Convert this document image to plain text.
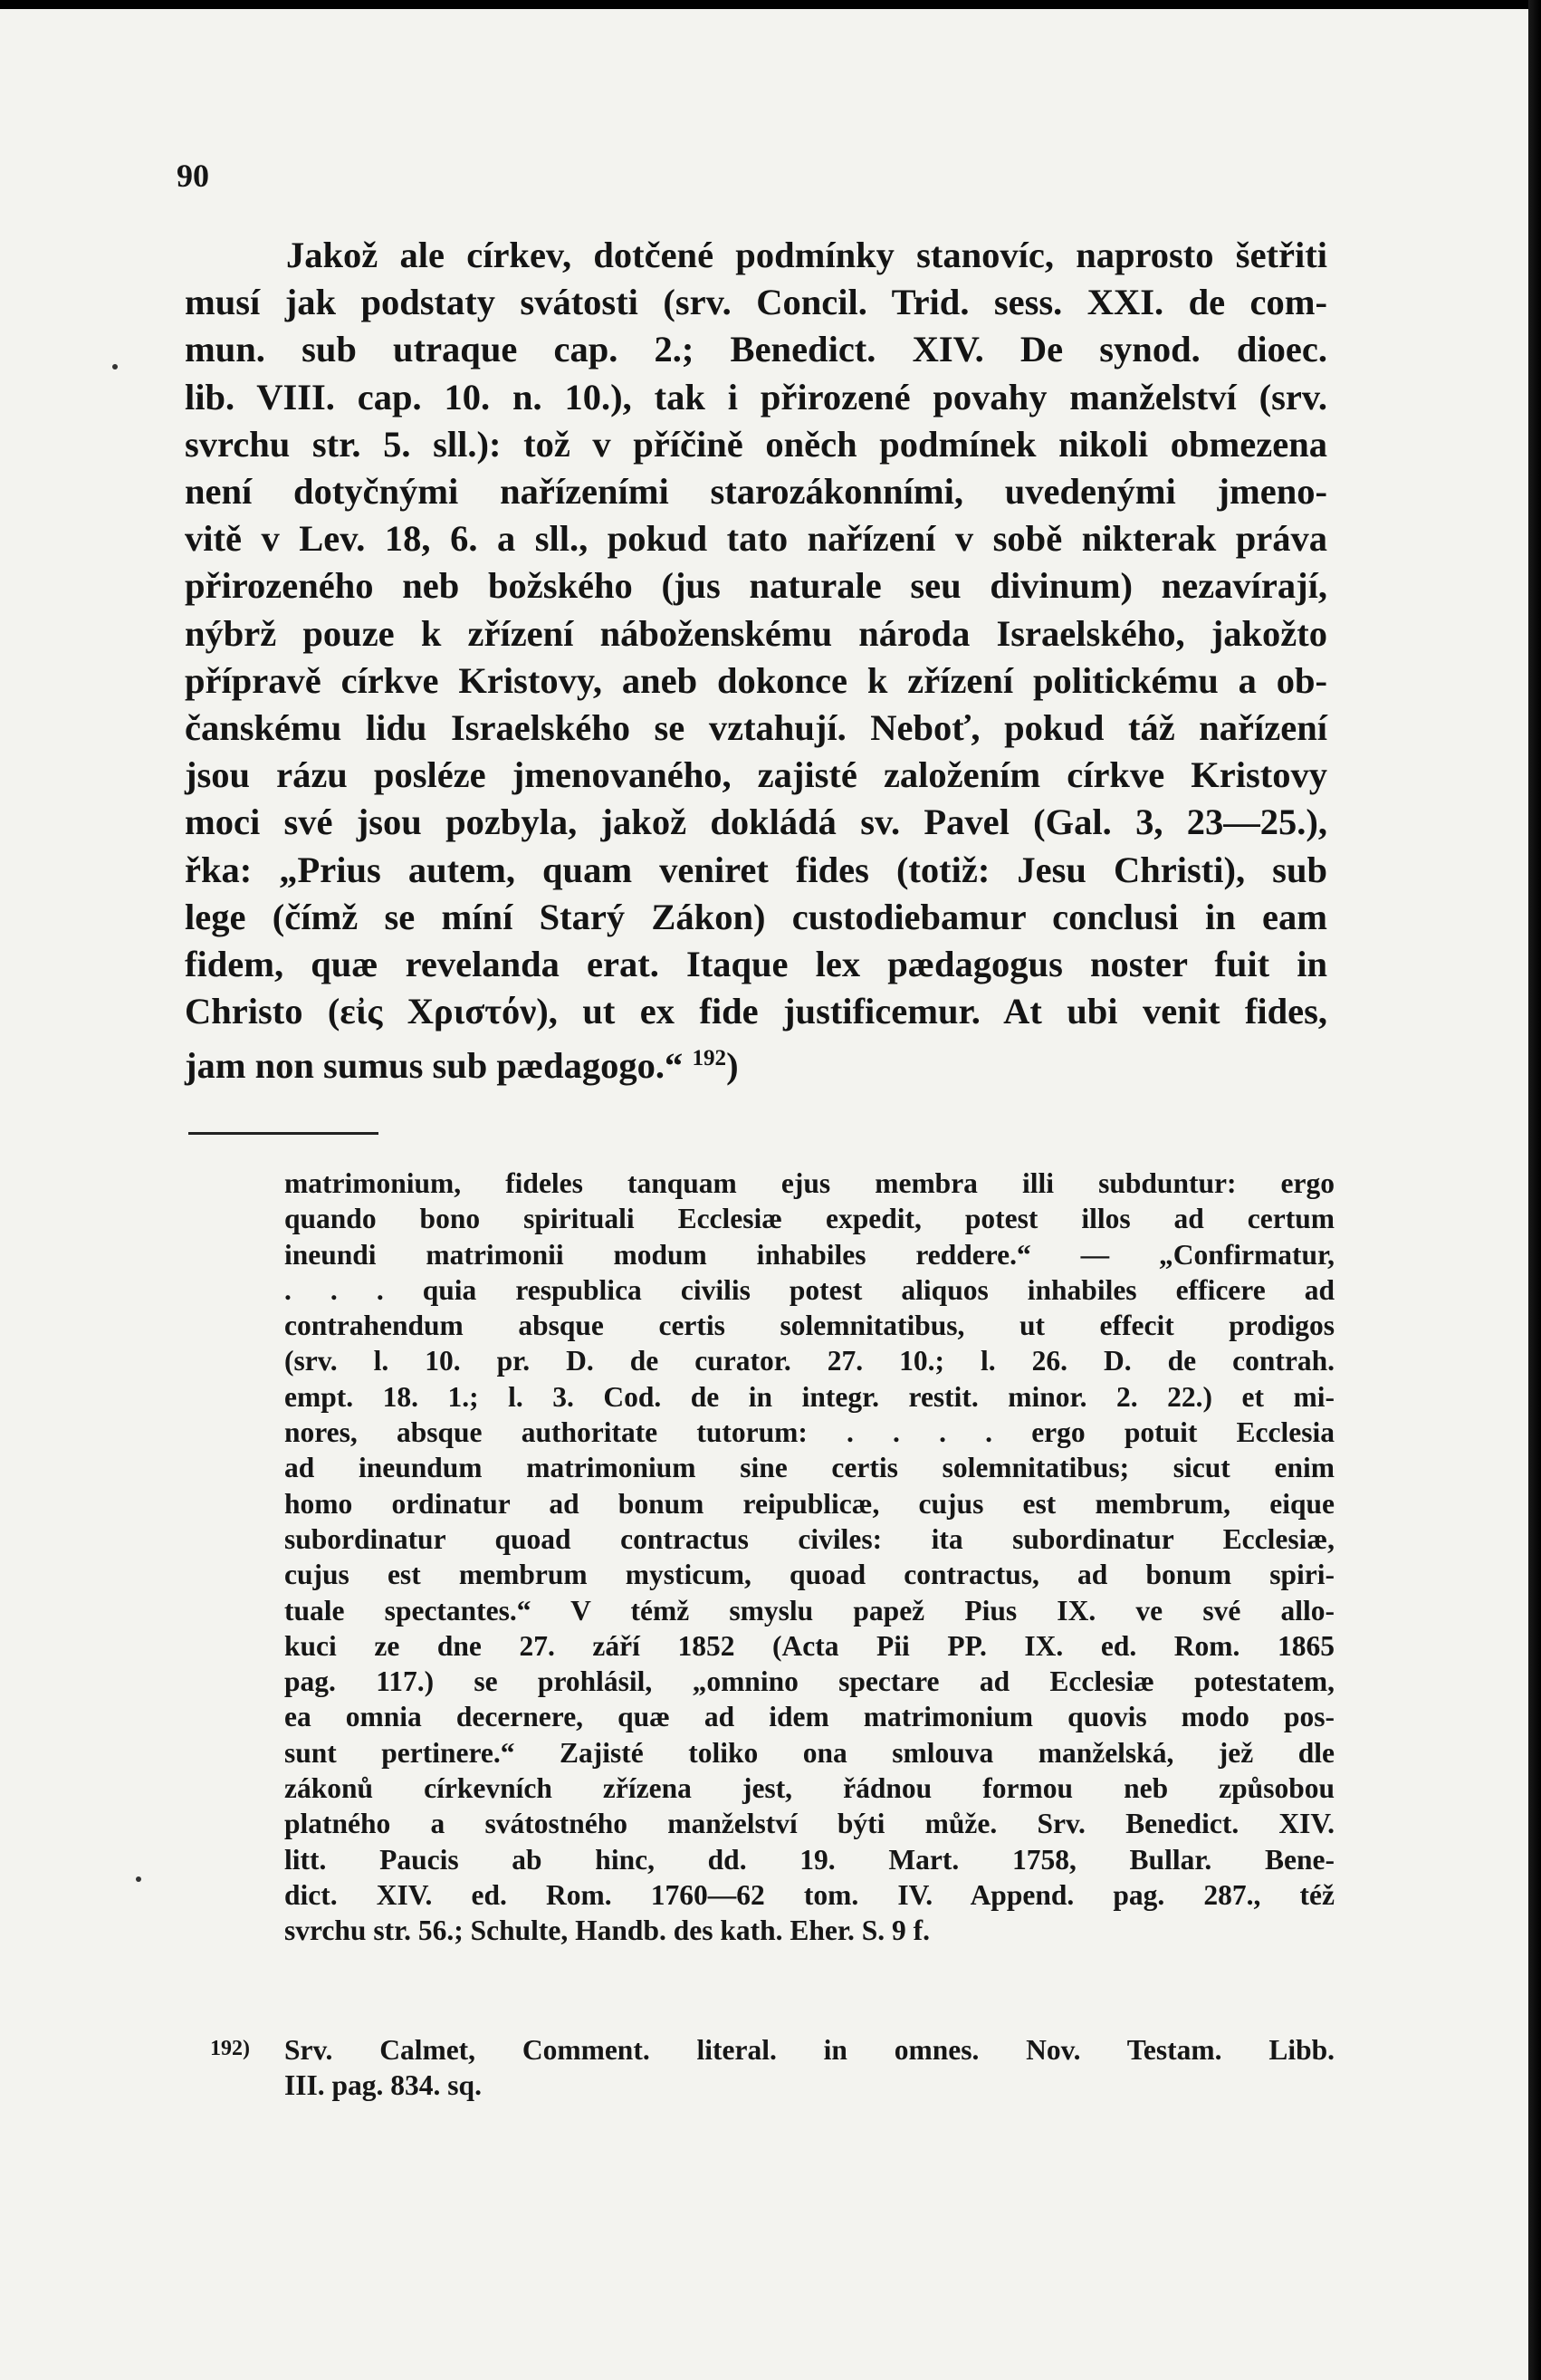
90
Jakož ale církev, dotčené podmínky stanovíc, naprosto šetřiti
musí jak podstaty svátosti (srv. Concil. Trid. sess. XXI. de com-
mun. sub utraque cap. 2.; Benedict. XIV. De synod. dioec.
lib. VIII. cap. 10. n. 10.), tak i přirozené povahy manželství (srv.
svrchu str. 5. sll.): tož v příčině oněch podmínek nikoli obmezena
není dotyčnými nařízeními starozákonními, uvedenými jmeno-
vitě v Lev. 18, 6. a sll., pokud tato nařízení v sobě nikterak práva
přirozeného neb božského (jus naturale seu divinum) nezavírají,
nýbrž pouze k zřízení náboženskému národa Israelského, jakožto
přípravě církve Kristovy, aneb dokonce k zřízení politickému a ob-
čanskému lidu Israelského se vztahují. Neboť, pokud táž nařízení
jsou rázu posléze jmenovaného, zajisté založením církve Kristovy
moci své jsou pozbyla, jakož dokládá sv. Pavel (Gal. 3, 23—25.),
řka: „Prius autem, quam veniret fides (totiž: Jesu Christi), sub
lege (čímž se míní Starý Zákon) custodiebamur conclusi in eam
fidem, quæ revelanda erat. Itaque lex pædagogus noster fuit in
Christo (εἰς Χριστόν), ut ex fide justificemur. At ubi venit fides,
jam non sumus sub pædagogo.“ $^{192}$)
matrimonium, fideles tanquam ejus membra illi subduntur: ergo
quando bono spirituali Ecclesiæ expedit, potest illos ad certum
ineundi matrimonii modum inhabiles reddere.“ — „Confirmatur,
. . . quia respublica civilis potest aliquos inhabiles efficere ad
contrahendum absque certis solemnitatibus, ut effecit prodigos
(srv. l. 10. pr. D. de curator. 27. 10.; l. 26. D. de contrah.
empt. 18. 1.; l. 3. Cod. de in integr. restit. minor. 2. 22.) et mi-
nores, absque authoritate tutorum: . . . . ergo potuit Ecclesia
ad ineundum matrimonium sine certis solemnitatibus; sicut enim
homo ordinatur ad bonum reipublicæ, cujus est membrum, eique
subordinatur quoad contractus civiles: ita subordinatur Ecclesiæ,
cujus est membrum mysticum, quoad contractus, ad bonum spiri-
tuale spectantes.“ V témž smyslu papež Pius IX. ve své allo-
kuci ze dne 27. září 1852 (Acta Pii PP. IX. ed. Rom. 1865
pag. 117.) se prohlásil, „omnino spectare ad Ecclesiæ potestatem,
ea omnia decernere, quæ ad idem matrimonium quovis modo pos-
sunt pertinere.“ Zajisté toliko ona smlouva manželská, jež dle
zákonů církevních zřízena jest, řádnou formou neb způsobou
platného a svátostného manželství býti může. Srv. Benedict. XIV.
litt. Paucis ab hinc, dd. 19. Mart. 1758, Bullar. Bene-
dict. XIV. ed. Rom. 1760—62 tom. IV. Append. pag. 287., též
svrchu str. 56.; Schulte, Handb. des kath. Eher. S. 9 f.
192) Srv. Calmet, Comment. literal. in omnes. Nov. Testam. Libb.
III. pag. 834. sq.
